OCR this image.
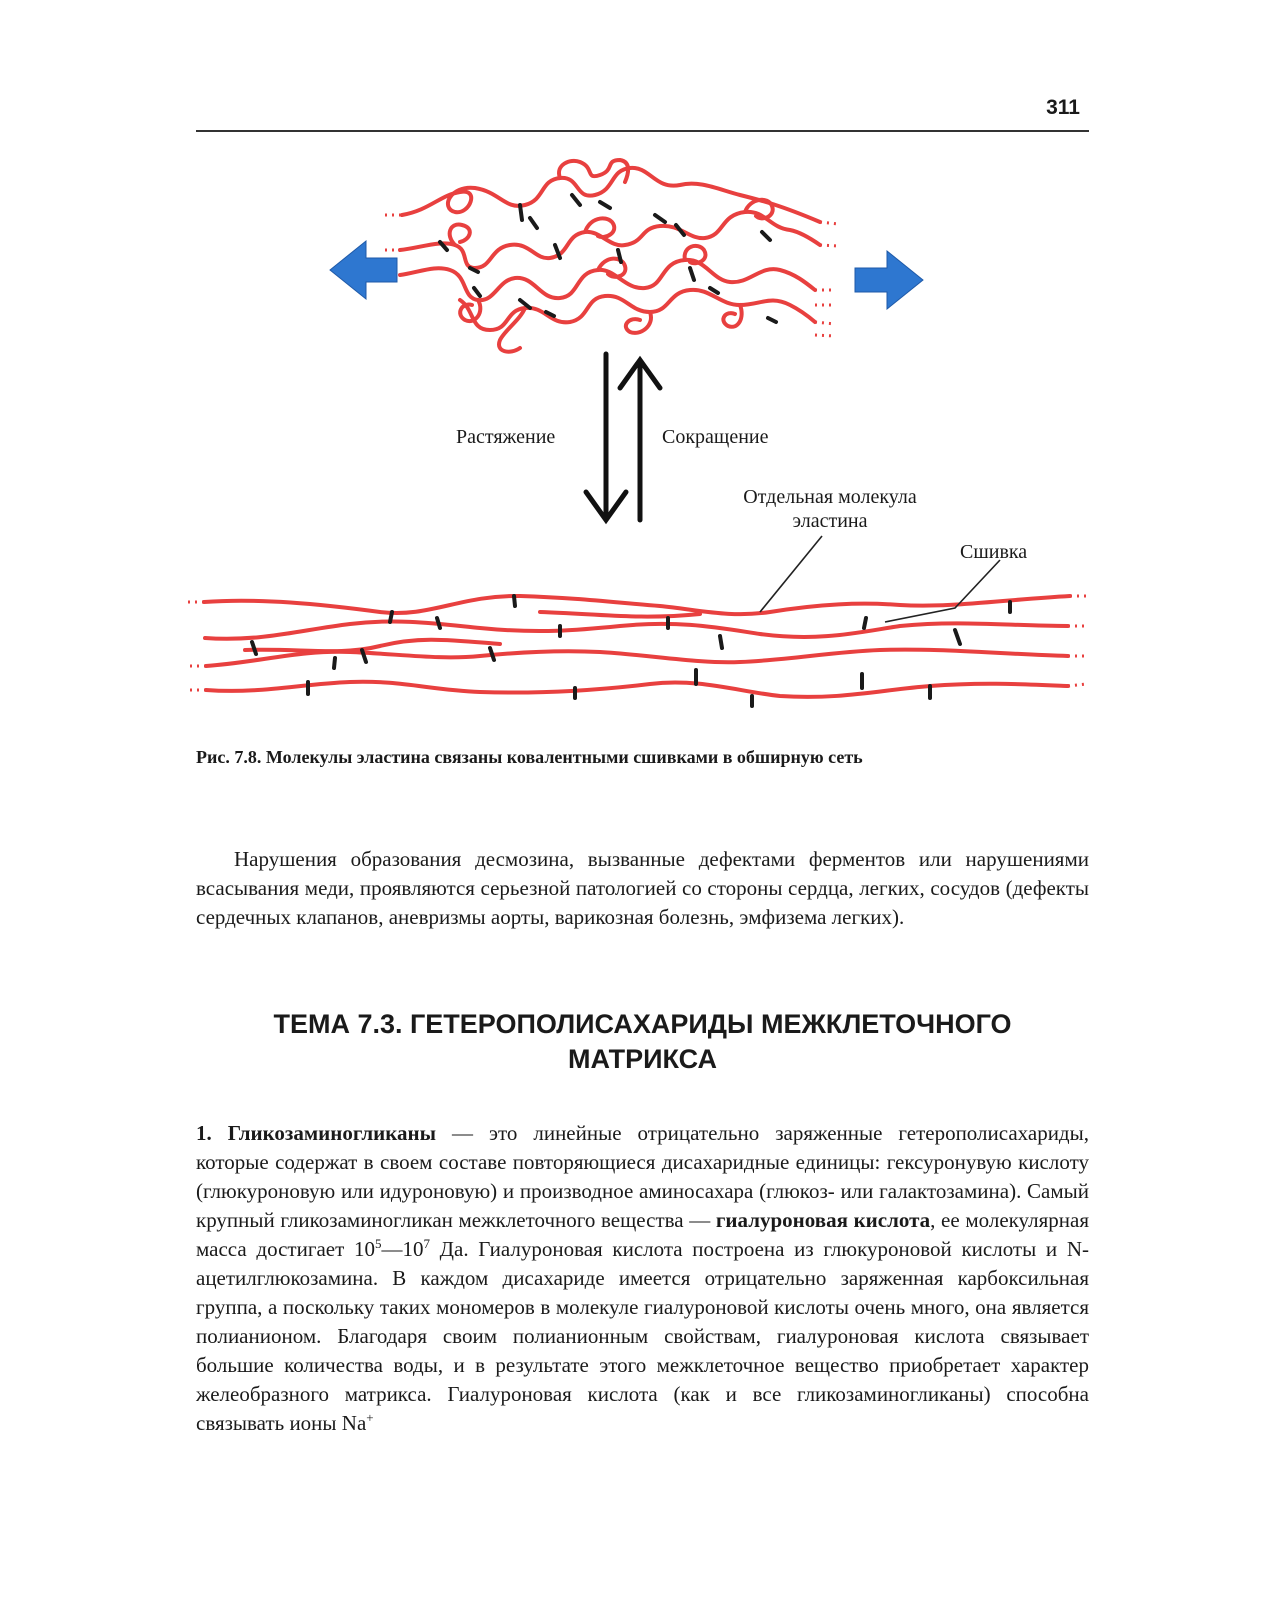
311
Растяжение	Сокращение
Отдельная молекула
эластина
Сшивка
Рис. 7.8. Молекулы эластина связаны ковалентными сшивками в обширную сеть
Нарушения образования десмозина, вызванные дефектами ферментов или нарушениями всасывания меди, проявляются серьезной патологией со стороны сердца, легких, сосудов (дефекты сердечных клапанов, аневризмы аорты, варикозная болезнь, эмфизема легких).
ТЕМА 7.3. ГЕТЕРОПОЛИСАХАРИДЫ МЕЖКЛЕТОЧНОГО
МАТРИКСА
1. Гликозаминогликаны — это линейные отрицательно заряженные гетерополисахариды, которые содержат в своем составе повторяющиеся дисахаридные единицы: гексуронувую кислоту (глюкуроновую или идуроновую) и производное аминосахара (глюкоз- или галактозамина). Самый крупный гликозаминогликан межклеточного вещества — гиалуроновая кислота, ее молекулярная масса достигает $10^5—10^7$ Да. Гиалуроновая кислота построена из глюкуроновой кислоты и N-ацетилглюкозамина. В каждом дисахариде имеется отрицательно заряженная карбоксильная группа, а поскольку таких мономеров в молекуле гиалуроновой кислоты очень много, она является полианионом. Благодаря своим полианионным свойствам, гиалуроновая кислота связывает большие количества воды, и в результате этого межклеточное вещество приобретает характер желеобразного матрикса. Гиалуроновая кислота (как и все гликозаминогликаны) способна связывать ионы Na+
